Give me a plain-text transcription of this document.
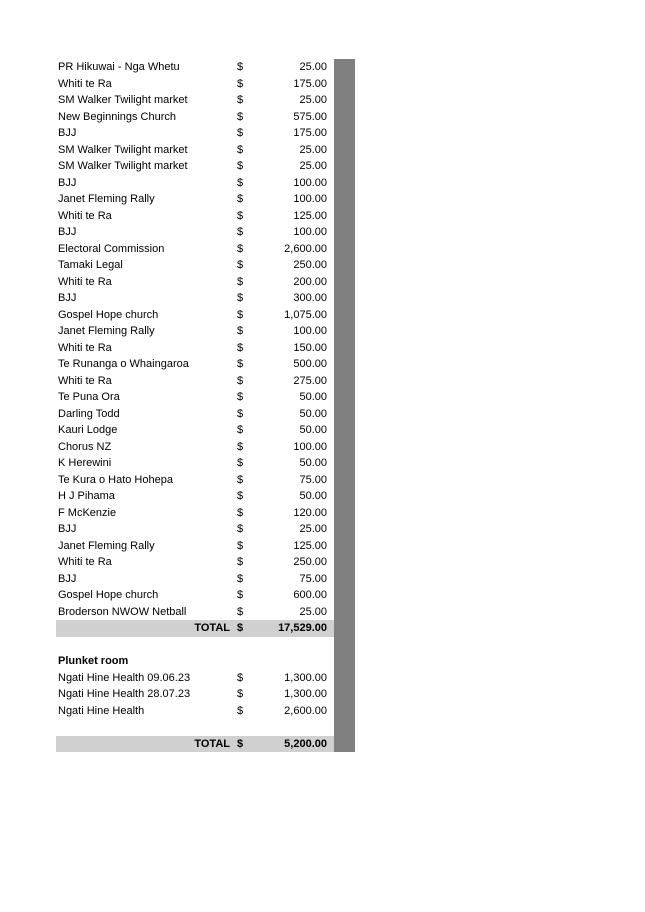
PR Hikuwai - Nga Whetu	$	25.00
Whiti te Ra	$	175.00
SM Walker Twilight market	$	25.00
New Beginnings Church	$	575.00
BJJ	$	175.00
SM Walker Twilight market	$	25.00
SM Walker Twilight market	$	25.00
BJJ	$	100.00
Janet Fleming Rally	$	100.00
Whiti te Ra	$	125.00
BJJ	$	100.00
Electoral Commission	$	2,600.00
Tamaki Legal	$	250.00
Whiti te Ra	$	200.00
BJJ	$	300.00
Gospel Hope church	$	1,075.00
Janet Fleming Rally	$	100.00
Whiti te Ra	$	150.00
Te Runanga o Whaingaroa	$	500.00
Whiti te Ra	$	275.00
Te Puna Ora	$	50.00
Darling Todd	$	50.00
Kauri Lodge	$	50.00
Chorus NZ	$	100.00
K Herewini	$	50.00
Te Kura o Hato Hohepa	$	75.00
H J Pihama	$	50.00
F McKenzie	$	120.00
BJJ	$	25.00
Janet Fleming Rally	$	125.00
Whiti te Ra	$	250.00
BJJ	$	75.00
Gospel Hope church	$	600.00
Broderson NWOW Netball	$	25.00
TOTAL $	17,529.00
Plunket room
Ngati Hine Health 09.06.23	$	1,300.00
Ngati Hine Health 28.07.23	$	1,300.00
Ngati Hine Health	$	2,600.00
TOTAL $	5,200.00
